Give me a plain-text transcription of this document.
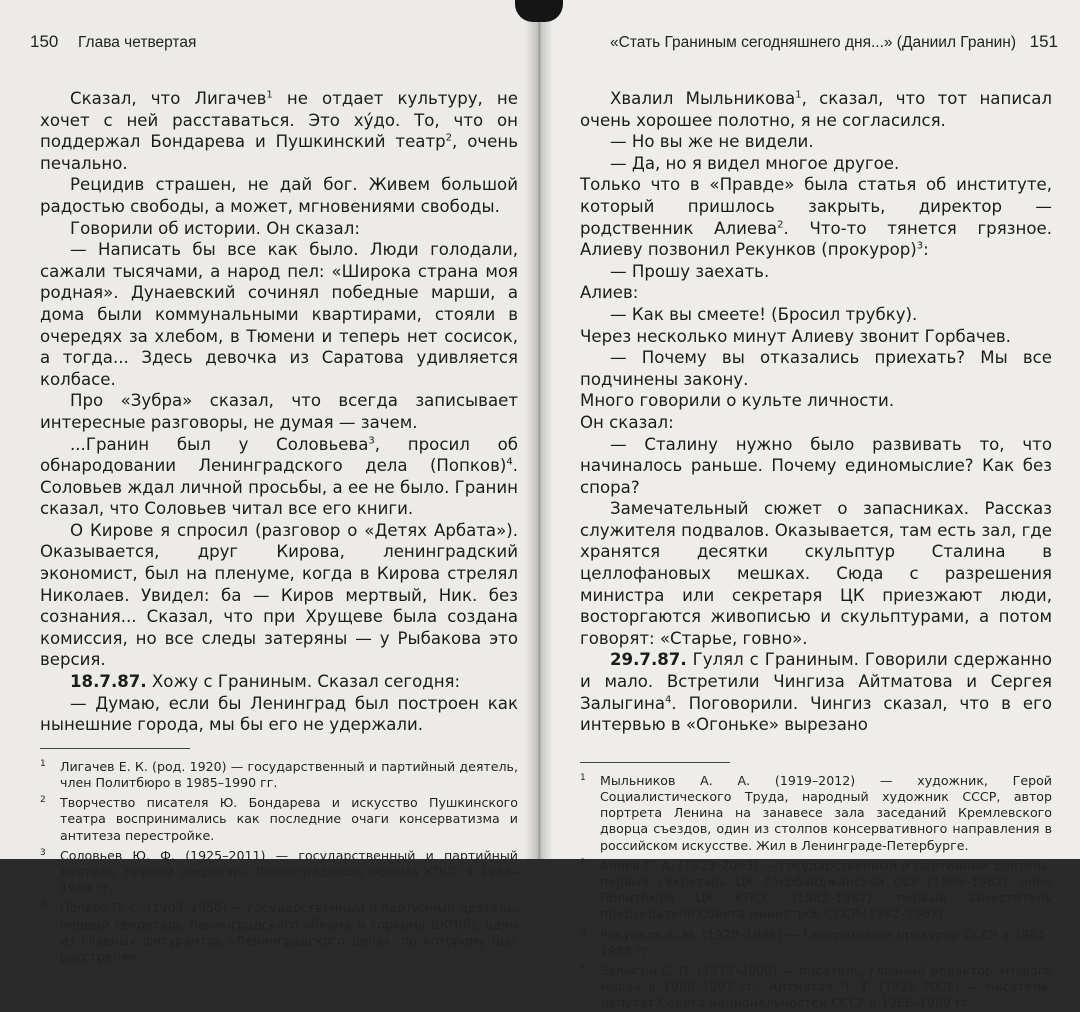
150 Глава четвертая

Сказал, что Лигачев$^1$ не отдает культуру, не хочет с ней расставаться. Это хýдо. То, что он поддержал Бондарева и Пушкинский театр$^2$, очень печально.

Рецидив страшен, не дай бог. Живем большой радостью свободы, а может, мгновениями свободы.

Говорили об истории. Он сказал:

— Написать бы все как было. Люди голодали, сажали тысячами, а народ пел: «Широка страна моя родная». Дунаевский сочинял победные марши, а дома были коммунальными квартирами, стояли в очередях за хлебом, в Тюмени и теперь нет сосисок, а тогда... Здесь девочка из Саратова удивляется колбасе.

Про «Зубра» сказал, что всегда записывает интересные разговоры, не думая — зачем.

...Гранин был у Соловьева$^3$, просил об обнародовании Ленинградского дела (Попков)$^4$. Соловьев ждал личной просьбы, а ее не было. Гранин сказал, что Соловьев читал все его книги.

О Кирове я спросил (разговор о «Детях Арбата»). Оказывается, друг Кирова, ленинградский экономист, был на пленуме, когда в Кирова стрелял Николаев. Увидел: ба — Киров мертвый, Ник. без сознания... Сказал, что при Хрущеве была создана комиссия, но все следы затеряны — у Рыбакова это версия.

18.7.87. Хожу с Граниным. Сказал сегодня:

— Думаю, если бы Ленинград был построен как нынешние города, мы бы его не удержали.

1 Лигачев Е. К. (род. 1920) — государственный и партийный деятель, член Политбюро в 1985–1990 гг.
2 Творчество писателя Ю. Бондарева и искусство Пушкинского театра воспринимались как последние очаги консерватизма и антитеза перестройке.
3 Соловьев Ю. Ф. (1925–2011) — государственный и партийный деятель, первый секретарь Ленинградского обкома КПСС в 1985–1989 гг.
4 Попков П. С. (1903–1950) — государственный и партийный деятель, первый секретарь Ленинградского обкома и горкома ВКП(б), один из главных фигурантов «Ленинградского дела», по которому был расстрелян.
«Стать Граниным сегодняшнего дня...» (Даниил Гранин) 151

Хвалил Мыльникова$^1$, сказал, что тот написал очень хорошее полотно, я не согласился.

— Но вы же не видели.

— Да, но я видел многое другое.

Только что в «Правде» была статья об институте, который пришлось закрыть, директор — родственник Алиева$^2$. Что-то тянется грязное. Алиеву позвонил Рекунков (прокурор)$^3$:

— Прошу заехать.

Алиев:

— Как вы смеете! (Бросил трубку).

Через несколько минут Алиеву звонит Горбачев.

— Почему вы отказались приехать? Мы все подчинены закону.

Много говорили о культе личности.

Он сказал:

— Сталину нужно было развивать то, что начиналось раньше. Почему единомыслие? Как без спора?

Замечательный сюжет о запасниках. Рассказ служителя подвалов. Оказывается, там есть зал, где хранятся десятки скульптур Сталина в целлофановых мешках. Сюда с разрешения министра или секретаря ЦК приезжают люди, восторгаются живописью и скульптурами, а потом говорят: «Старье, говно».

29.7.87. Гулял с Граниным. Говорили сдержанно и мало. Встретили Чингиза Айтматова и Сергея Залыгина$^4$. Поговорили. Чингиз сказал, что в его интервью в «Огоньке» вырезано

1 Мыльников А. А. (1919–2012) — художник, Герой Социалистического Труда, народный художник СССР, автор портрета Ленина на занавесе зала заседаний Кремлевского дворца съездов, один из столпов консервативного направления в российском искусстве. Жил в Ленинграде-Петербурге.
2 Алиев Г. А. (1923–2003) — государственный и партийный деятель, первый секретарь ЦК Азербайджанской ССР (1969–1982), член Политбюро ЦК КПСС (1982–1987), первый заместитель председателя Совета министров СССР (1982–1987).
3 Рекунков А. М. (1920–1996) — Генеральный прокурор СССР в 1981–1988 гг.
4 Залыгин С. П. (1913–2000) — писатель, главный редактор «Нового мира» в 1986–1997 гг.; Айтматов Ч. Т. (1928–2008) — писатель, депутат Совета национальностей СССР в 1966–1989 гг.
